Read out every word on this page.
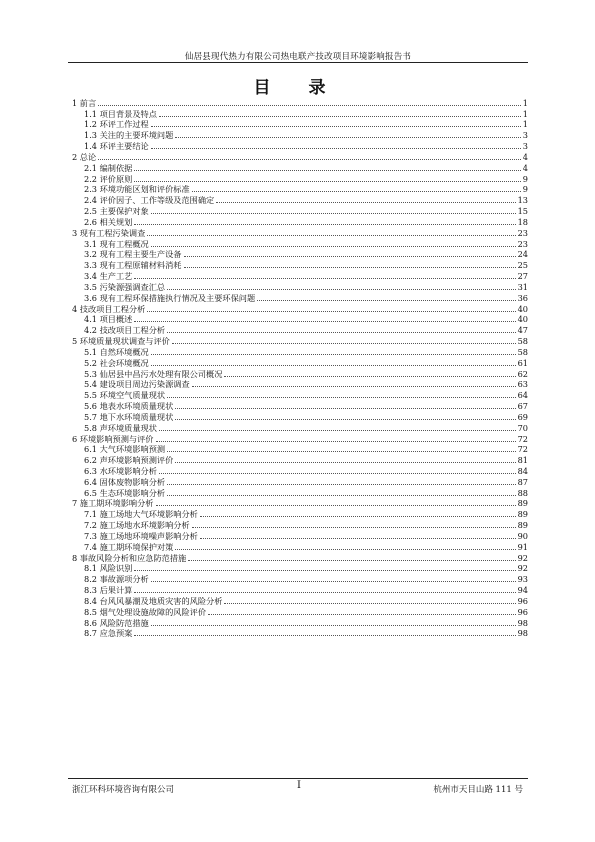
仙居县现代热力有限公司热电联产技改项目环境影响报告书
目 录
1 前言	1
1.1 项目背景及特点	1
1.2 环评工作过程	1
1.3 关注的主要环境问题	3
1.4 环评主要结论	3
2 总论	4
2.1 编制依据	4
2.2 评价原则	9
2.3 环境功能区划和评价标准	9
2.4 评价因子、工作等级及范围确定	13
2.5 主要保护对象	15
2.6 相关规划	18
3 现有工程污染调查	23
3.1 现有工程概况	23
3.2 现有工程主要生产设备	24
3.3 现有工程原辅材料消耗	25
3.4 生产工艺	27
3.5 污染源强调查汇总	31
3.6 现有工程环保措施执行情况及主要环保问题	36
4 技改项目工程分析	40
4.1 项目概述	40
4.2 技改项目工程分析	47
5 环境质量现状调查与评价	58
5.1 自然环境概况	58
5.2 社会环境概况	61
5.3 仙居县中昌污水处理有限公司概况	62
5.4 建设项目周边污染源调查	63
5.5 环境空气质量现状	64
5.6 地表水环境质量现状	67
5.7 地下水环境质量现状	69
5.8 声环境质量现状	70
6 环境影响预测与评价	72
6.1 大气环境影响预测	72
6.2 声环境影响预测评价	81
6.3 水环境影响分析	84
6.4 固体废物影响分析	87
6.5 生态环境影响分析	88
7 施工期环境影响分析	89
7.1 施工场地大气环境影响分析	89
7.2 施工场地水环境影响分析	89
7.3 施工场地环境噪声影响分析	90
7.4 施工期环境保护对策	91
8 事故风险分析和应急防范措施	92
8.1 风险识别	92
8.2 事故源项分析	93
8.3 后果计算	94
8.4 台风风暴潮及地质灾害的风险分析	96
8.5 烟气处理设施故障的风险评价	96
8.6 风险防范措施	98
8.7 应急预案	98
浙江环科环境咨询有限公司	I	杭州市天目山路 111 号
